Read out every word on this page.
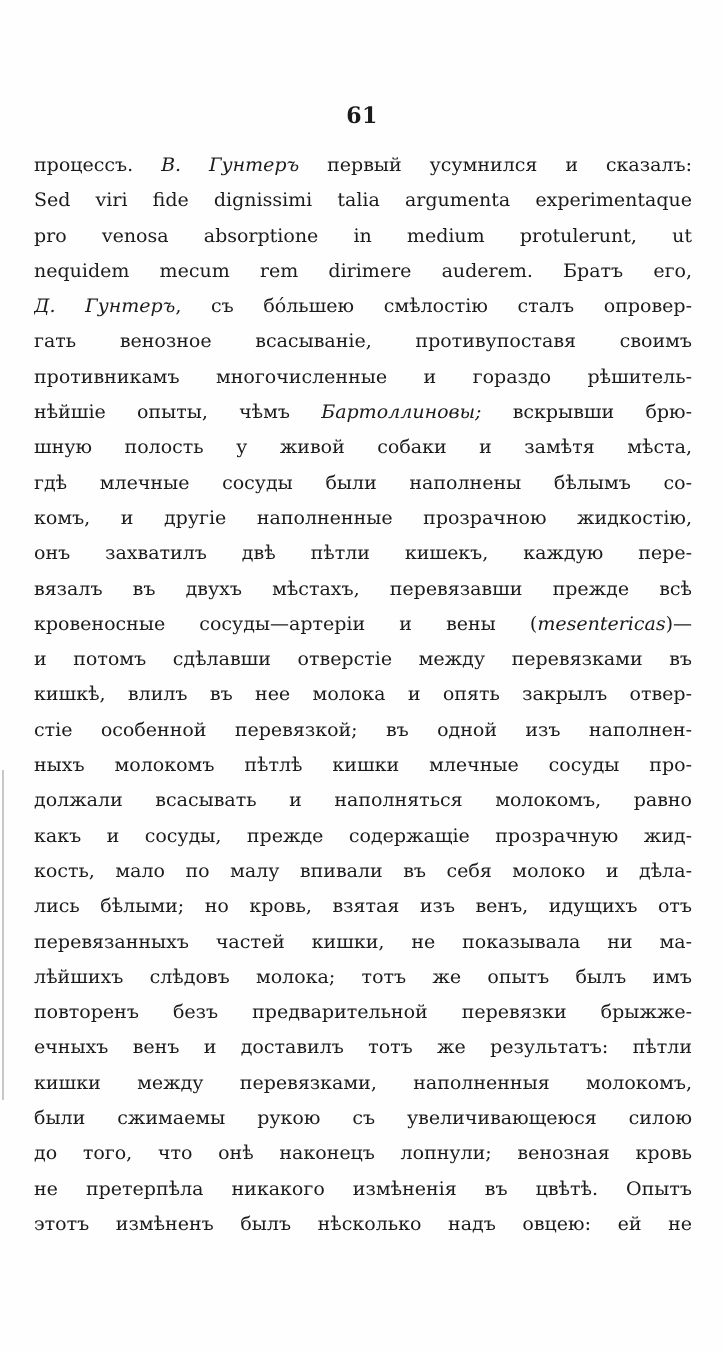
61
процессъ. В. Гунтеръ первый усумнился и сказалъ:
Sed viri fide dignissimi talia argumenta experimentaque
pro venosa absorptione in medium protulerunt, ut
nequidem mecum rem dirimere auderem. Братъ его,
Д. Гунтеръ, съ бо́льшею смѣлостію сталъ опровер-
гать венозное всасываніе, противупоставя своимъ
противникамъ многочисленные и гораздо рѣшитель-
нѣйшіе опыты, чѣмъ Бартоллиновы; вскрывши брю-
шную полость у живой собаки и замѣтя мѣста,
гдѣ млечные сосуды были наполнены бѣлымъ со-
комъ, и другіе наполненные прозрачною жидкостію,
онъ захватилъ двѣ пѣтли кишекъ, каждую пере-
вязалъ въ двухъ мѣстахъ, перевязавши прежде всѣ
кровеносные сосуды—артеріи и вены (mesentericas)—
и потомъ сдѣлавши отверстіе между перевязками въ
кишкѣ, влилъ въ нее молока и опять закрылъ отвер-
стіе особенной перевязкой; въ одной изъ наполнен-
ныхъ молокомъ пѣтлѣ кишки млечные сосуды про-
должали всасывать и наполняться молокомъ, равно
какъ и сосуды, прежде содержащіе прозрачную жид-
кость, мало по малу впивали въ себя молоко и дѣла-
лись бѣлыми; но кровь, взятая изъ венъ, идущихъ отъ
перевязанныхъ частей кишки, не показывала ни ма-
лѣйшихъ слѣдовъ молока; тотъ же опытъ былъ имъ
повторенъ безъ предварительной перевязки брыжже-
ечныхъ венъ и доставилъ тотъ же результатъ: пѣтли
кишки между перевязками, наполненныя молокомъ,
были сжимаемы рукою съ увеличивающеюся силою
до того, что онѣ наконецъ лопнули; венозная кровь
не претерпѣла никакого измѣненія въ цвѣтѣ. Опытъ
этотъ измѣненъ былъ нѣсколько надъ овцею: ей не
